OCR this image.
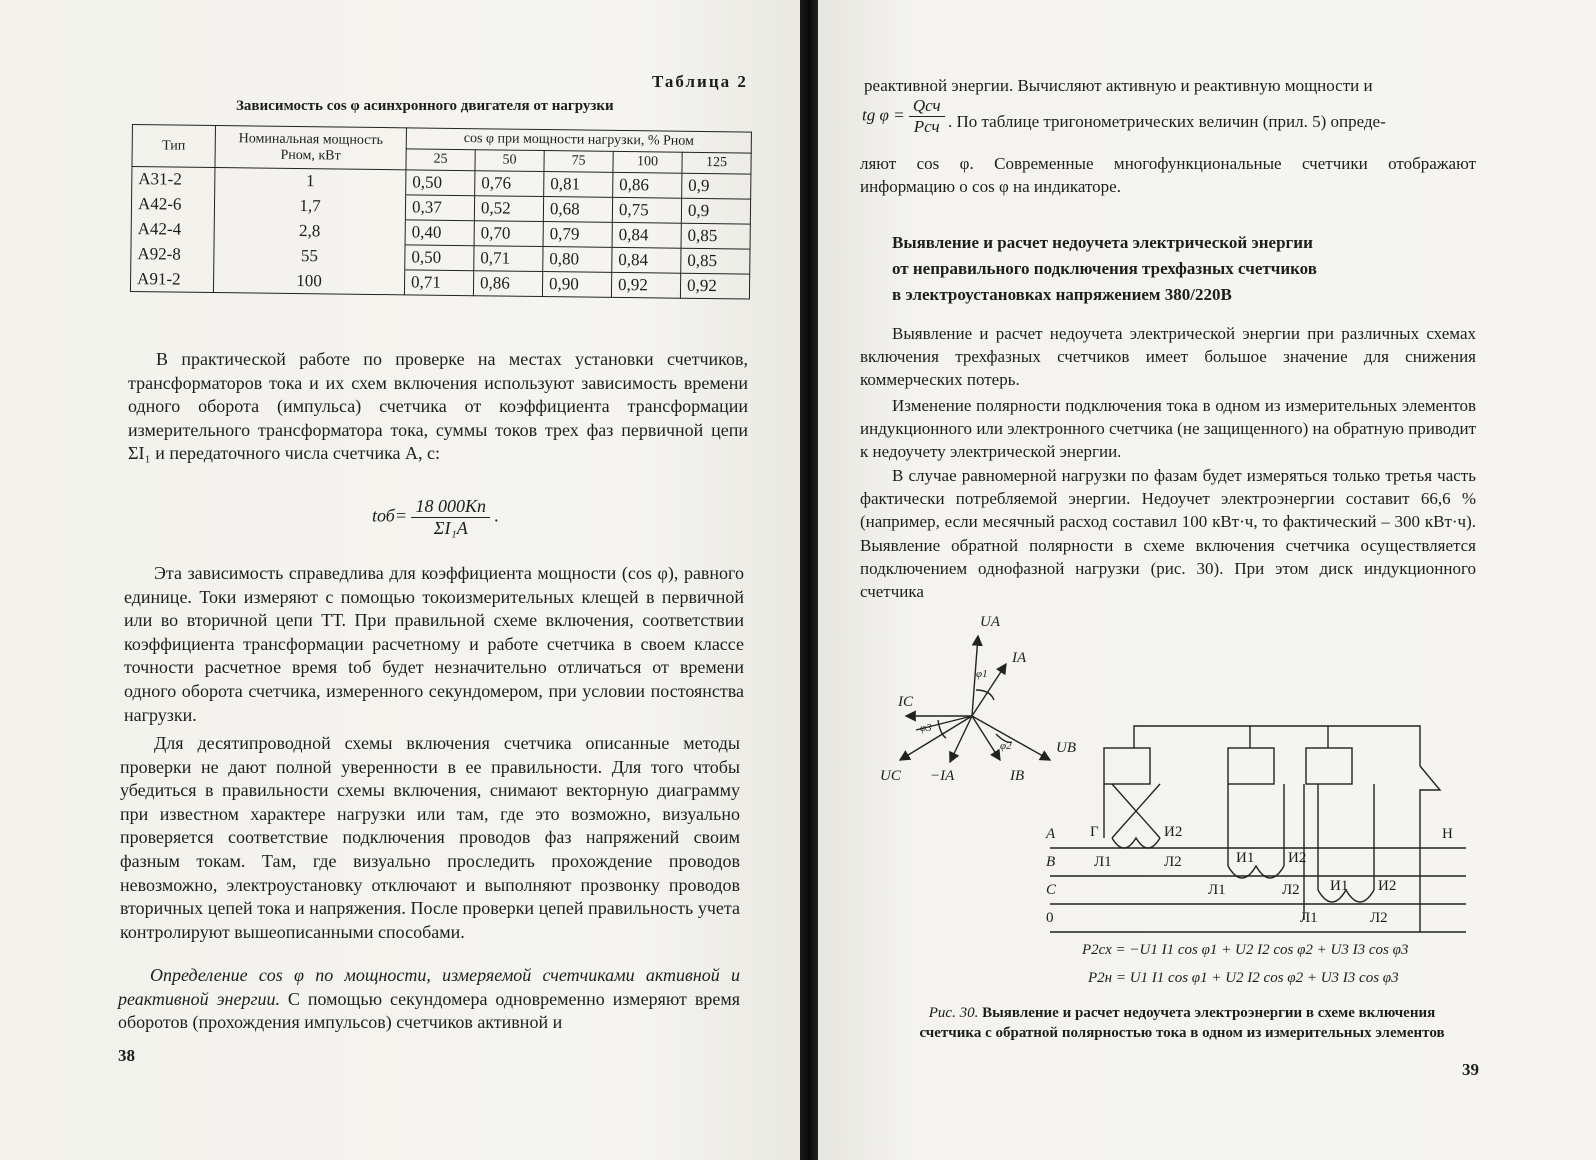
Таблица 2
Зависимость cos φ асинхронного двигателя от нагрузки
Тип	Номинальная мощность Pном, кВт	cos φ при мощности нагрузки, % Pном				
		25	50	75	100	125
А31-2	1	0,50	0,76	0,81	0,86	0,9
А42-6	1,7	0,37	0,52	0,68	0,75	0,9
А42-4	2,8	0,40	0,70	0,79	0,84	0,85
А92-8	55	0,50	0,71	0,80	0,84	0,85
А91-2	100	0,71	0,86	0,90	0,92	0,92
В практической работе по проверке на местах установки счетчиков, трансформаторов тока и их схем включения используют зависимость времени одного оборота (импульса) счетчика от коэффициента трансформации измерительного трансформатора тока, суммы токов трех фаз первичной цепи ΣI₁ и передаточного числа счетчика A, с:
$tоб= \frac{18 000Kп}{\text{ΣI₁A}}$ .
Эта зависимость справедлива для коэффициента мощности (cos φ), равного единице. Токи измеряют с помощью токоизмерительных клещей в первичной или во вторичной цепи ТТ. При правильной схеме включения, соответствии коэффициента трансформации расчетному и работе счетчика в своем классе точности расчетное время tоб будет незначительно отличаться от времени одного оборота счетчика, измеренного секундомером, при условии постоянства нагрузки.
Для десятипроводной схемы включения счетчика описанные методы проверки не дают полной уверенности в ее правильности. Для того чтобы убедиться в правильности схемы включения, снимают векторную диаграмму при известном характере нагрузки или там, где это возможно, визуально проверяется соответствие подключения проводов фаз напряжений своим фазным токам. Там, где визуально проследить прохождение проводов невозможно, электроустановку отключают и выполняют прозвонку проводов вторичных цепей тока и напряжения. После проверки цепей правильность учета контролируют вышеописанными способами.
Определение cos φ по мощности, измеряемой счетчиками активной и реактивной энергии. С помощью секундомера одновременно измеряют время оборотов (прохождения импульсов) счетчиков активной и
38
реактивной энергии. Вычисляют активную и реактивную мощности и
tg $\varphi = \frac{\text{Qсч}}{\text{Pсч}}$ . По таблице тригонометрических величин (прил. 5) опреде-
ляют cos φ. Современные многофункциональные счетчики отображают информацию о cos φ на индикаторе.
Выявление и расчет недоучета электрической энергии
от неправильного подключения трехфазных счетчиков
в электроустановках напряжением 380/220В
Выявление и расчет недоучета электрической энергии при различных схемах включения трехфазных счетчиков имеет большое значение для снижения коммерческих потерь.
Изменение полярности подключения тока в одном из измерительных элементов индукционного или электронного счетчика (не защищенного) на обратную приводит к недоучету электрической энергии.
В случае равномерной нагрузки по фазам будет измеряться только третья часть фактически потребляемой энергии. Недоучет электроэнергии составит 66,6 % (например, если месячный расход составил 100 кВт·ч, то фактический – 300 кВт·ч). Выявление обратной полярности в схеме включения счетчика осуществляется подключением однофазной нагрузки (рис. 30). При этом диск индукционного счетчика
UA
IA
IC
φ1
φ3
φ2	UB
UC −IA	IB
A
B
C
0
Н
Г	И2
Л1	Л2	И1 И2
Л1	Л2 И1 И2
Л1	Л2
P2сх = −U1 I1 cos φ1 + U2 I2 cos φ2 + U3 I3 cos φ3
P2н = U1 I1 cos φ1 + U2 I2 cos φ2 + U3 I3 cos φ3
Рис. 30. Выявление и расчет недоучета электроэнергии в схеме включения счетчика с обратной полярностью тока в одном из измерительных элементов
39
